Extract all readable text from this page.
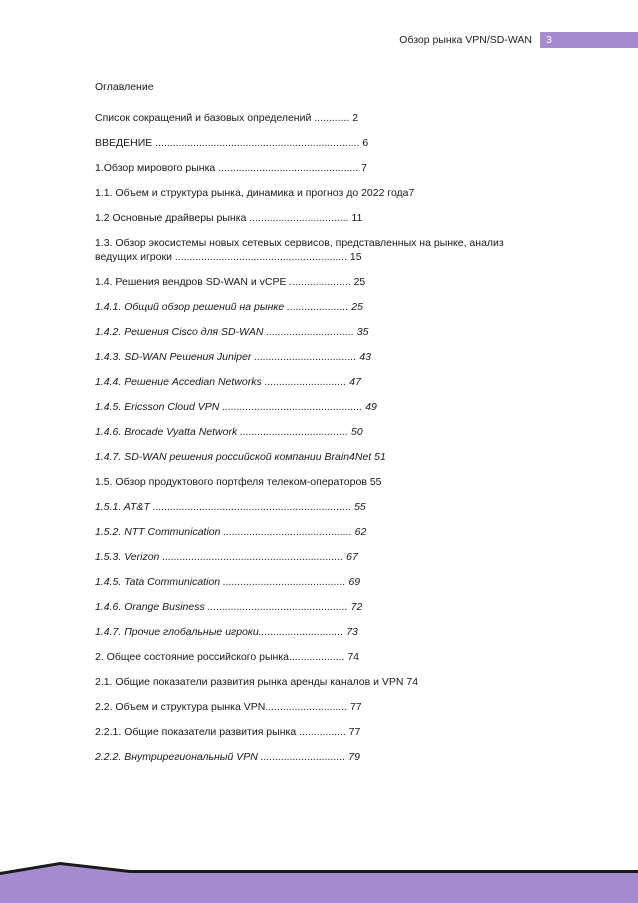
Обзор рынка VPN/SD-WAN	3
Оглавление
Список сокращений и базовых определений ............ 2
ВВЕДЕНИЕ ...................................................................... 6
1.Обзор мирового рынка ................................................ 7
1.1. Объем и структура рынка, динамика и прогноз до 2022 года7
1.2 Основные драйверы рынка .................................. 11
1.3. Обзор экосистемы новых сетевых сервисов, представленных на рынке, анализ ведущих игроки ........................................................... 15
1.4. Решения вендров SD-WAN и vCPE ..................... 25
1.4.1. Общий обзор решений на рынке ..................... 25
1.4.2. Решения Cisco для SD-WAN .............................. 35
1.4.3. SD-WAN Решения Juniper ................................... 43
1.4.4. Решение Accedian Networks ............................ 47
1.4.5. Ericsson Cloud VPN ................................................ 49
1.4.6. Brocade Vyatta Network ..................................... 50
1.4.7. SD-WAN решения российской компании Brain4Net 51
1.5. Обзор продуктового портфеля телеком-операторов 55
1.5.1. AT&T .................................................................... 55
1.5.2. NTT Communication ............................................ 62
1.5.3. Verizon .............................................................. 67
1.4.5. Tata Communication .......................................... 69
1.4.6. Orange Business ................................................ 72
1.4.7. Прочие глобальные игроки............................. 73
2. Общее состояние российского рынка................... 74
2.1. Общие показатели развития рынка аренды каналов и VPN 74
2.2. Объем и структура рынка VPN............................ 77
2.2.1. Общие показатели развития рынка ................ 77
2.2.2. Внутрирегиональный VPN ............................. 79
